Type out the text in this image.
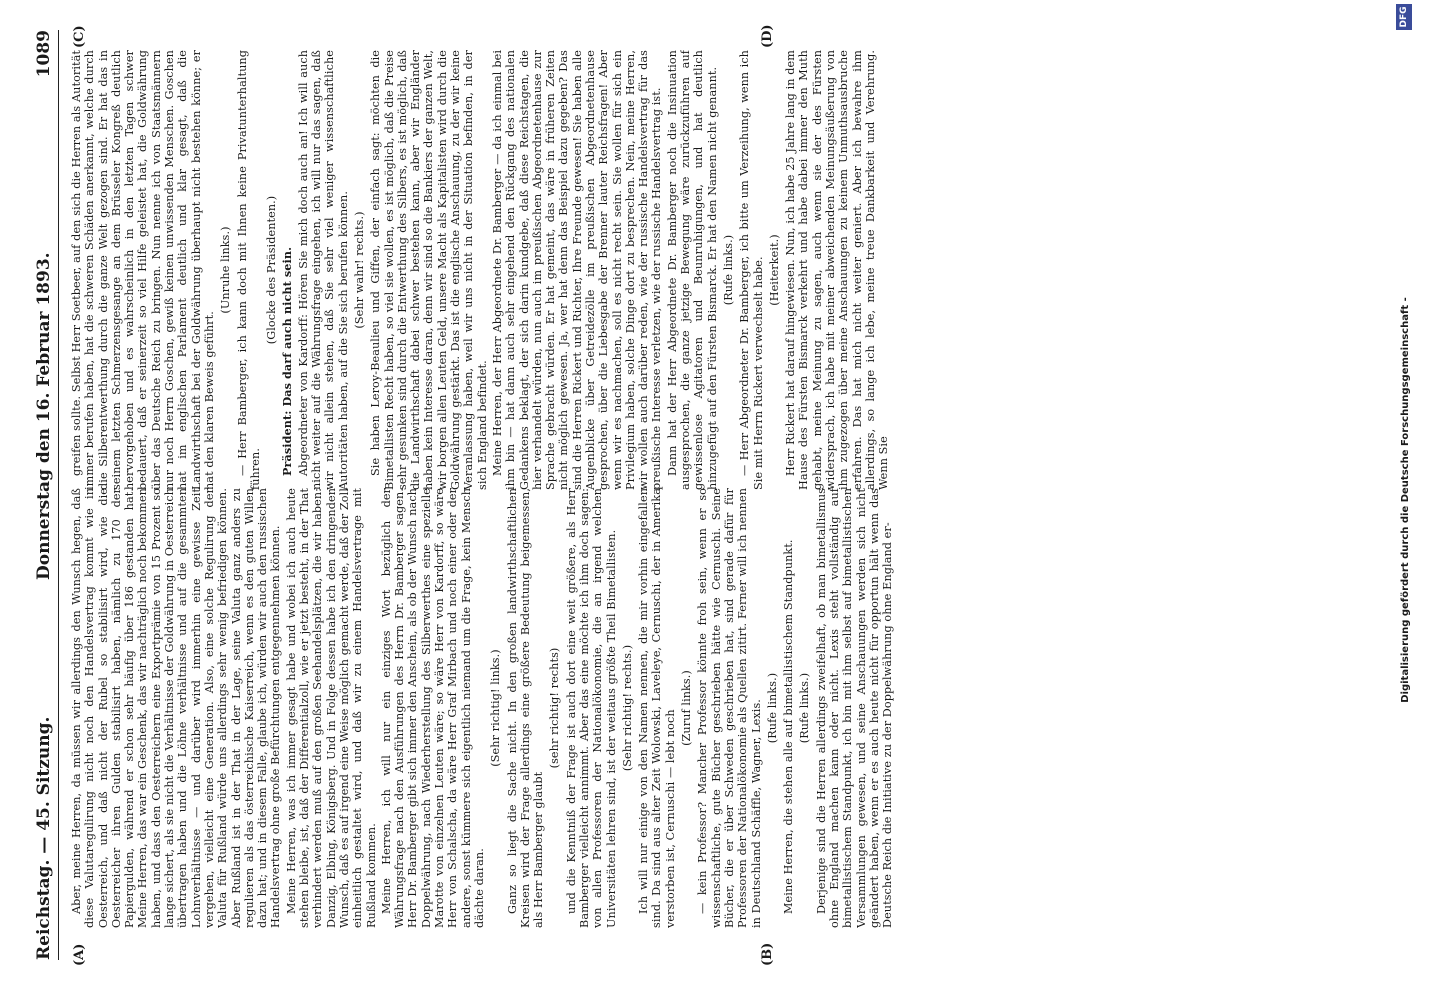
Reichstag. — 45. Sitzung.
Donnerstag den 16. Februar 1893.
1089
(A)	(B)
(C)	(D)

Aber, meine Herren, da müssen wir allerdings den Wunsch hegen, daß diese Valutaregulirung nicht noch den Handelsvertrag kommt wie in Oesterreich, und daß nicht der Rubel so stabilisirt wird, wie die Oesterreicher ihren Gulden stabilisirt haben, nämlich zu 170 der Papiergulden, während er schon sehr häufig über 186 gestanden hat. Meine Herren, das war ein Geschenk, das wir nachträglich noch bekommen haben, und dass den Oesterreichern eine Exportprämie von 15 Prozent so lange sichert, als sie nicht die Verhältnisse der Goldwährung in Oesterreich übertragen haben und die Löhne verhältnisse und auf die gesammten Lohnverhältnisse — und darüber wird immerhin eine gewisse Zeit vergehen, vielleicht eine Generation. Also, eine solche Regulirung der Valuta für Rußland würde uns allerdings sehr wenig befriedigen können. Aber Rußland ist in der That in der Lage, seine Valuta ganz anders zu regulieren als das österreichische Kaiserreich, wenn es den guten Willen dazu hat; und in diesem Falle, glaube ich, würden wir auch den russischen Handelsvertrag ohne große Befürchtungen entgegennehmen können. Meine Herren, was ich immer gesagt habe und wobei ich auch heute stehen bleibe, ist, daß der Differentialzoll, wie er jetzt besteht, in der That verhindert werden muß auf den großen Seehandelsplätzen, die wir haben: Danzig, Elbing, Königsberg. Und in Folge dessen habe ich den dringenden Wunsch, daß es auf irgend eine Weise möglich gemacht werde, daß der Zoll einheitlich gestaltet wird, und daß wir zu einem Handelsvertrage mit Rußland kommen. Meine Herren, ich will nur ein einziges Wort bezüglich der Währungsfrage nach den Ausführungen des Herrn Dr. Bamberger sagen. Herr Dr. Bamberger gibt sich immer den Anschein, als ob der Wunsch nach Doppelwährung, nach Wiederherstellung des Silberwerthes eine spezielle Marotte von einzelnen Leuten wäre; so wäre Herr von Kardorff, so wäre Herr von Schalscha, da wäre Herr Graf Mirbach und noch einer oder der andere, sonst kümmere sich eigentlich niemand um die Frage, kein Mensch dächte daran.

(Sehr richtig! links.) Ganz so liegt die Sache nicht. In den großen landwirthschaftlichen Kreisen wird der Frage allerdings eine größere Bedeutung beigemessen, als Herr Bamberger glaubt

(sehr richtig! rechts) und die Kenntniß der Frage ist auch dort eine weit größere, als Herr Bamberger vielleicht annimmt. Aber das eine möchte ich ihm doch sagen: von allen Professoren der Nationalökonomie, die an irgend welchen Universitäten lehren sind, ist der weitaus größte Theil Bimetallisten. (Sehr richtig! rechts.) Ich will nur einige von den Namen nennen, die mir vorhin eingefallen sind. Da sind aus alter Zeit Wolowski, Laveleye, Cernuschi, der in Amerika verstorben ist, Cernuschi — lebt noch

(Zuruf links.) — kein Professor? Mancher Professor könnte froh sein, wenn er so wissenschaftliche, gute Bücher geschrieben hätte wie Cernuschi. Seine Bücher, die er über Schweden geschrieben hat, sind gerade dafür für Professoren der Nationalökonomie als Quellen zitirt. Ferner will ich nennen in Deutschland Schäffle, Wagner, Lexis. (Rufe links.) Meine Herren, die stehen alle auf bimetallistischem Standpunkt. (Rufe links.) Derjenige sind die Herren allerdings zweifelhaft, ob man bimetallismus ohne England machen kann oder nicht. Lexis steht vollständig auf bimetallistischem Standpunkt, ich bin mit ihm selbst auf bimetallistischen Versammlungen gewesen, und seine Anschauungen werden sich nicht geändert haben, wenn er es auch heute nicht für opportun hält wenn das Deutsche Reich die Initiative zu der Doppelwährung ohne England er-

greifen sollte. Selbst Herr Soetbeer, auf den sich die Herren als Autorität immer berufen haben, hat die schweren Schäden anerkannt, welche durch die Silberentwerthung durch die ganze Welt gezogen sind. Er hat das in seinem letzten Schmerzensgesange an dem Brüsseler Kongreß deutlich hervorgehoben und es wahrscheinlich in den letzten Tagen schwer bedauert, daß er seinerzeit so viel Hilfe geleistet hat, die Goldwährung über das Deutsche Reich zu bringen. Nun nenne ich von Staatsmännern nur noch Herrn Goschen, gewiß keinen unwissenden Menschen. Goschen hat im englischen Parlament deutlich und klar gesagt, daß die Landwirthschaft bei der Goldwährung überhaupt nicht bestehen könne; er hat den klaren Beweis geführt.

(Unruhe links.) — Herr Bamberger, ich kann doch mit Ihnen keine Privatunterhaltung führen.

(Glocke des Präsidenten.) Präsident: Das darf auch nicht sein. Abgeordneter von Kardorff: Hören Sie mich doch auch an! Ich will auch nicht weiter auf die Währungsfrage eingehen, ich will nur das sagen, daß wir nicht allein stehen, daß Sie sehr viel weniger wissenschaftliche Autoritäten haben, auf die Sie sich berufen können. (Sehr wahr! rechts.) Sie haben Leroy-Beaulieu und Giffen, der einfach sagt: möchten die Bimetallisten Recht haben, so viel sie wollen, es ist möglich, daß die Preise sehr gesunken sind durch die Entwerthung des Silbers, es ist möglich, daß die Landwirthschaft dabei schwer bestehen kann, aber wir Engländer haben kein Interesse daran, denn wir sind so die Bankiers der ganzen Welt, wir borgen allen Leuten Geld, unsere Macht als Kapitalisten wird durch die Goldwährung gestärkt. Das ist die englische Anschauung, zu der wir keine Veranlassung haben, weil wir uns nicht in der Situation befinden, in der sich England befindet. Meine Herren, der Herr Abgeordnete Dr. Bamberger — da ich einmal bei ihm bin — hat dann auch sehr eingehend den Rückgang des nationalen Gedankens beklagt, der sich darin kundgebe, daß diese Reichstagen, die hier verhandelt würden, nun auch im preußischen Abgeordnetenhause zur Sprache gebracht würden. Er hat gemeint, das wäre in früheren Zeiten nicht möglich gewesen. Ja, wer hat denn das Beispiel dazu gegeben? Das sind die Herren Rickert und Richter, Ihre Freunde gewesen! Sie haben alle Augenblicke über Getreidezölle im preußischen Abgeordnetenhause gesprochen, über die Liebesgabe der Brenner lauter Reichsfragen! Aber wenn wir es nachmachen, soll es nicht recht sein. Sie wollen für sich ein Privilegium haben, solche Dinge dort zu besprechen. Nein, meine Herren, wir wollen auch darüber reden, wie der russische Handelsvertrag für das preußische Interesse verletzen, wie der russische Handelsvertrag ist. Dann hat der Herr Abgeordnete Dr. Bamberger noch die Insinuation ausgesprochen, die ganze jetzige Bewegung wäre zurückzuführen auf gewissenlose Agitatoren und Beunruhigungen, und hat deutlich hinzugefügt auf den Fürsten Bismarck. Er hat den Namen nicht genannt. (Rufe links.) — Herr Abgeordneter Dr. Bamberger, ich bitte um Verzeihung, wenn ich Sie mit Herrn Rickert verwechselt habe. (Heiterkeit.) Herr Rickert hat darauf hingewiesen. Nun, ich habe 25 Jahre lang in dem Hause des Fürsten Bismarck verkehrt und habe dabei immer den Muth gehabt, meine Meinung zu sagen, auch wenn sie der des Fürsten widersprach, ich habe mit meiner abweichenden Meinungsäußerung von ihm zugezogen über meine Anschauungen zu keinem Unmuthsausbruche erfahren. Das hat mich nicht weiter geniert. Aber ich bewahre ihm allerdings, so lange ich lebe, meine treue Dankbarkeit und Verehrung. Wenn Sie	Digitalisierung gefördert durch die Deutsche Forschungsgemeinschaft -
DFG
